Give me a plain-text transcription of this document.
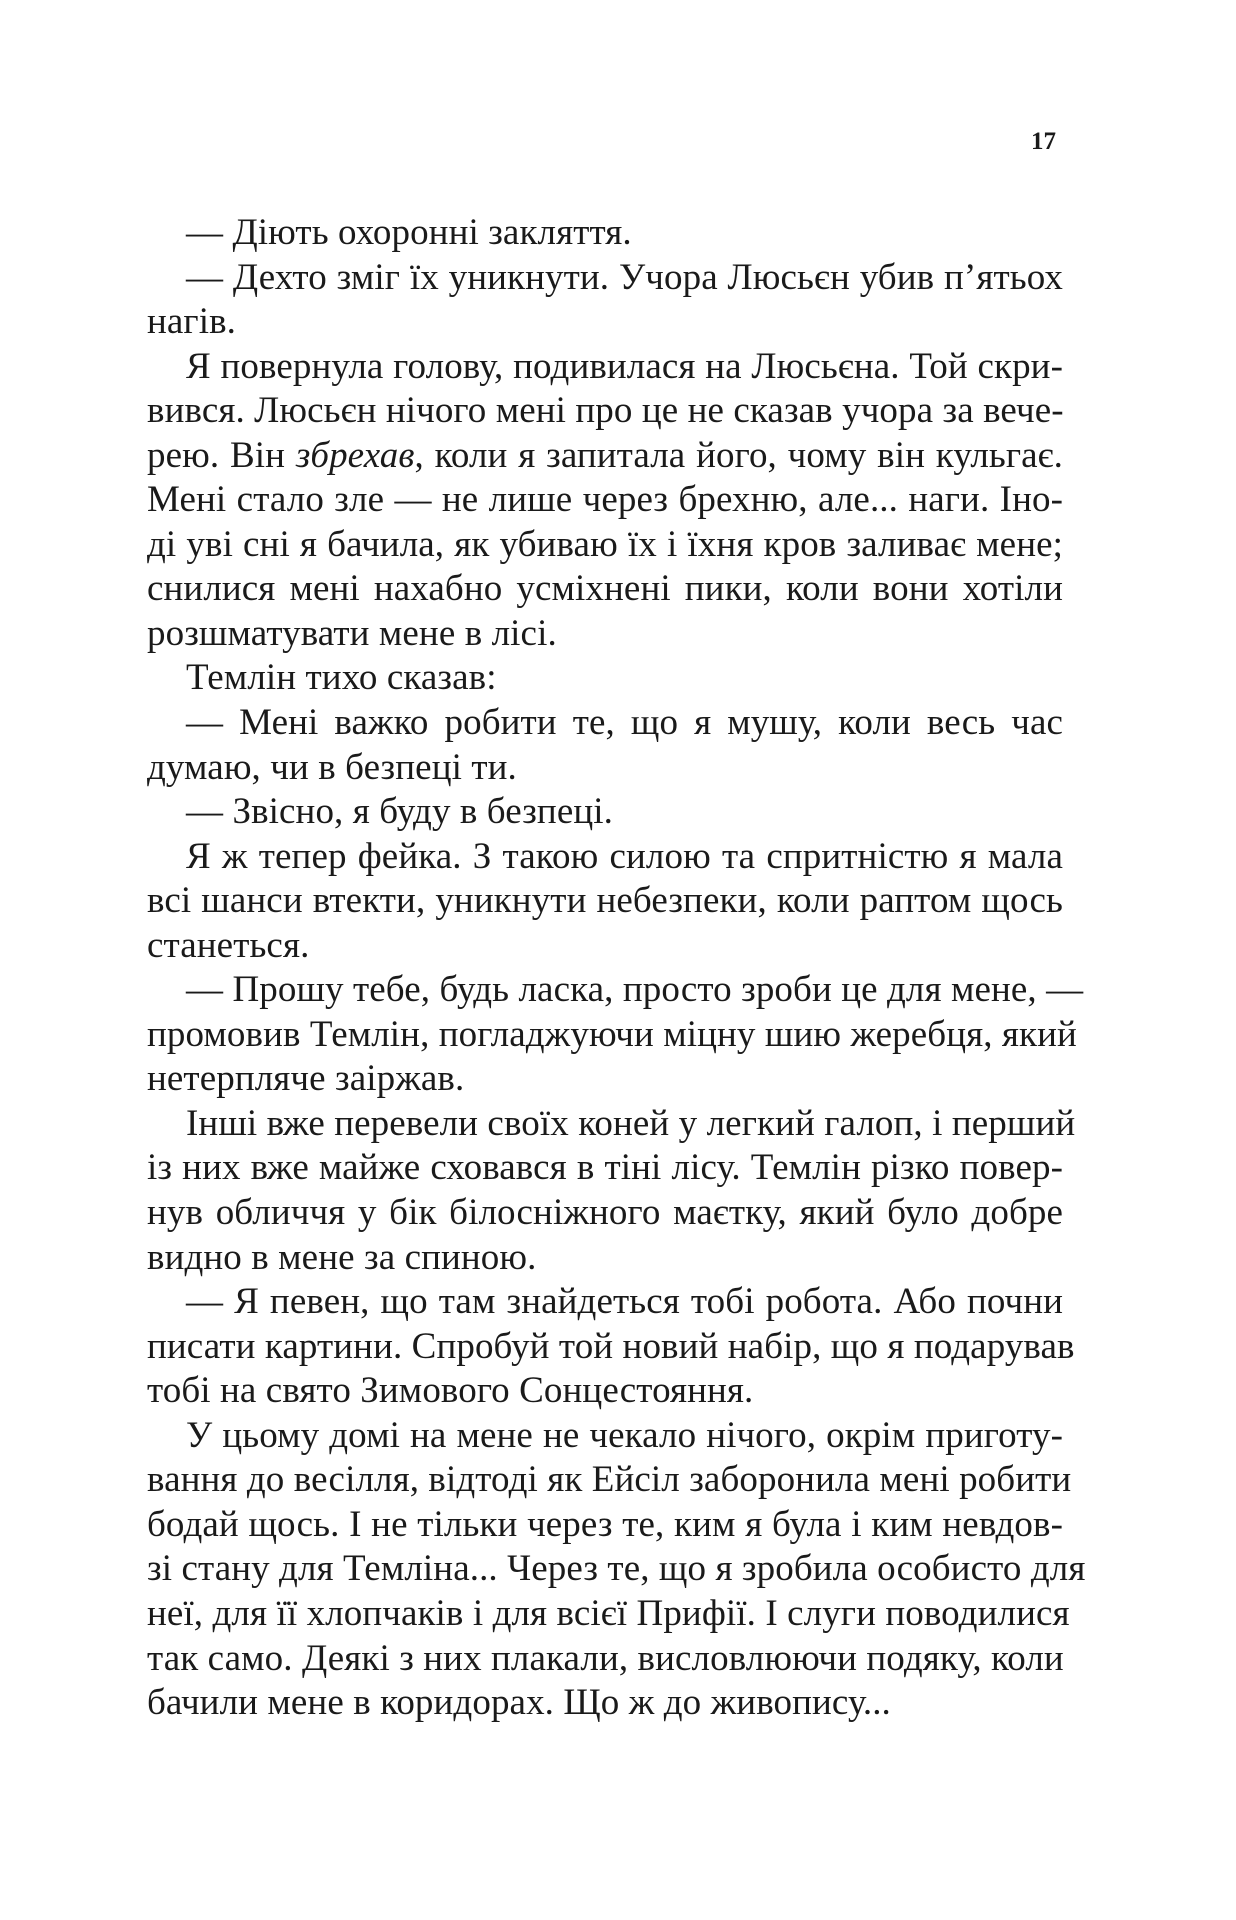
17
— Діють охоронні закляття.
— Дехто зміг їх уникнути. Учора Люсьєн убив п’ятьох
нагів.
Я повернула голову, подивилася на Люсьєна. Той скри-
вився. Люсьєн нічого мені про це не сказав учора за вече-
рею. Він збрехав, коли я запитала його, чому він кульгає.
Мені стало зле — не лише через брехню, але... наги. Іно-
ді уві сні я бачила, як убиваю їх і їхня кров заливає мене;
снилися мені нахабно усміхнені пики, коли вони хотіли
розшматувати мене в лісі.
Темлін тихо сказав:
— Мені важко робити те, що я мушу, коли весь час
думаю, чи в безпеці ти.
— Звісно, я буду в безпеці.
Я ж тепер фейка. З такою силою та спритністю я мала
всі шанси втекти, уникнути небезпеки, коли раптом щось
станеться.
— Прошу тебе, будь ласка, просто зроби це для мене, —
промовив Темлін, погладжуючи міцну шию жеребця, який
нетерпляче заіржав.
Інші вже перевели своїх коней у легкий галоп, і перший
із них вже майже сховався в тіні лісу. Темлін різко повер-
нув обличчя у бік білосніжного маєтку, який було добре
видно в мене за спиною.
— Я певен, що там знайдеться тобі робота. Або почни
писати картини. Спробуй той новий набір, що я подарував
тобі на свято Зимового Сонцестояння.
У цьому домі на мене не чекало нічого, окрім приготу-
вання до весілля, відтоді як Ейсіл заборонила мені робити
бодай щось. І не тільки через те, ким я була і ким невдов-
зі стану для Темліна... Через те, що я зробила особисто для
неї, для її хлопчаків і для всієї Прифії. І слуги поводилися
так само. Деякі з них плакали, висловлюючи подяку, коли
бачили мене в коридорах. Що ж до живопису...
